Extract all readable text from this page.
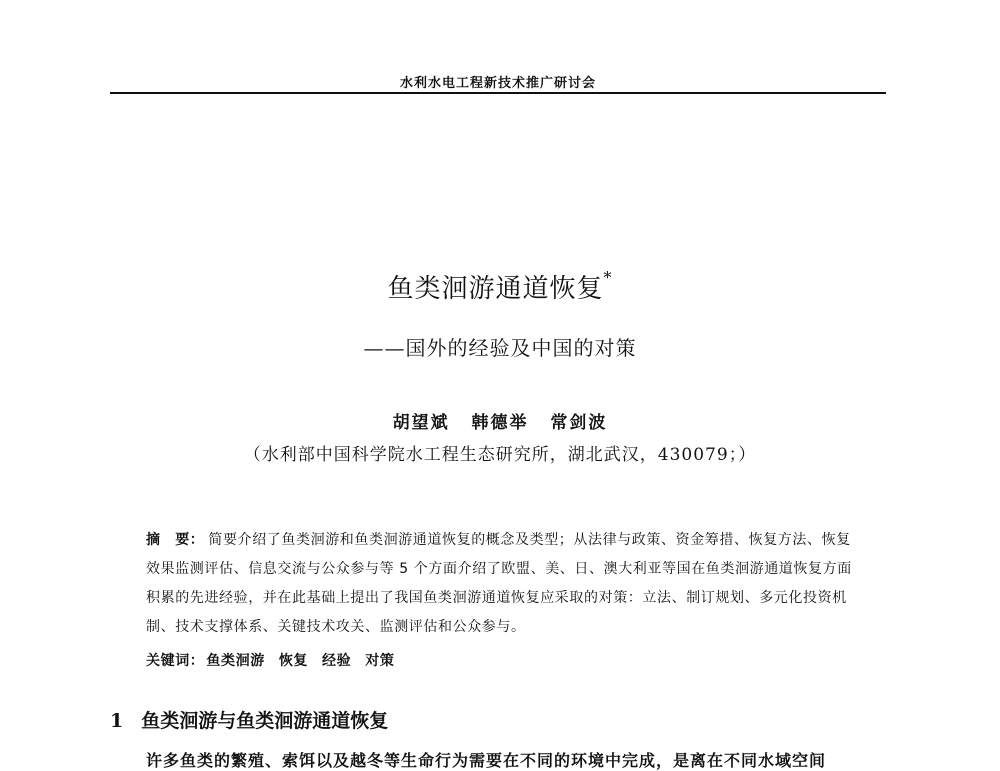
水利水电工程新技术推广研讨会
鱼类洄游通道恢复*
——国外的经验及中国的对策
胡望斌 韩德举 常剑波
（水利部中国科学院水工程生态研究所，湖北武汉，430079；）
摘　要： 简要介绍了鱼类洄游和鱼类洄游通道恢复的概念及类型；从法律与政策、资金筹措、恢复方法、恢复效果监测评估、信息交流与公众参与等 5 个方面介绍了欧盟、美、日、澳大利亚等国在鱼类洄游通道恢复方面积累的先进经验，并在此基础上提出了我国鱼类洄游通道恢复应采取的对策：立法、制订规划、多元化投资机制、技术支撑体系、关键技术攻关、监测评估和公众参与。
关键词： 鱼类洄游 恢复 经验 对策
1 鱼类洄游与鱼类洄游通道恢复
许多鱼类的繁殖、索饵以及越冬等生命行为需要在不同的环境中完成，是离在不同水域空间
